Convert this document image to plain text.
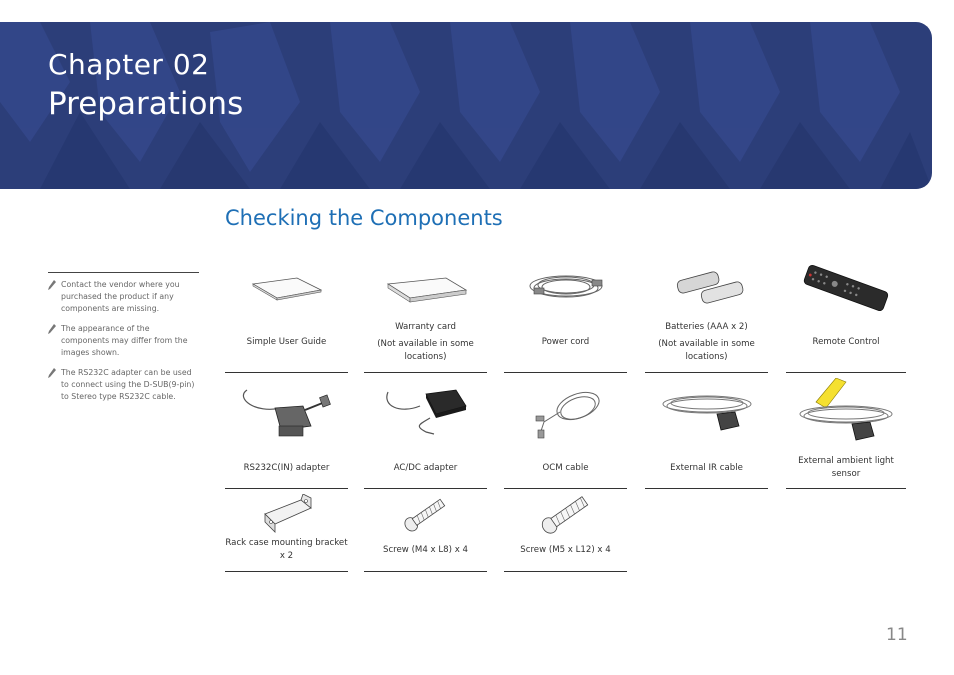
Chapter 02
Preparations
Checking the Components
Contact the vendor where you purchased the product if any components are missing.
The appearance of the components may differ from the images shown.
The RS232C adapter can be used to connect using the D-SUB(9-pin) to Stereo type RS232C cable.
Simple User Guide
Warranty card
(Not available in some locations)
Power cord
Batteries (AAA x 2)
(Not available in some locations)
Remote Control
RS232C(IN) adapter	AC/DC adapter	OCM cable	External IR cable
External ambient light sensor
Rack case mounting bracket x 2
Screw (M4 x L8) x 4	Screw (M5 x L12) x 4
11
